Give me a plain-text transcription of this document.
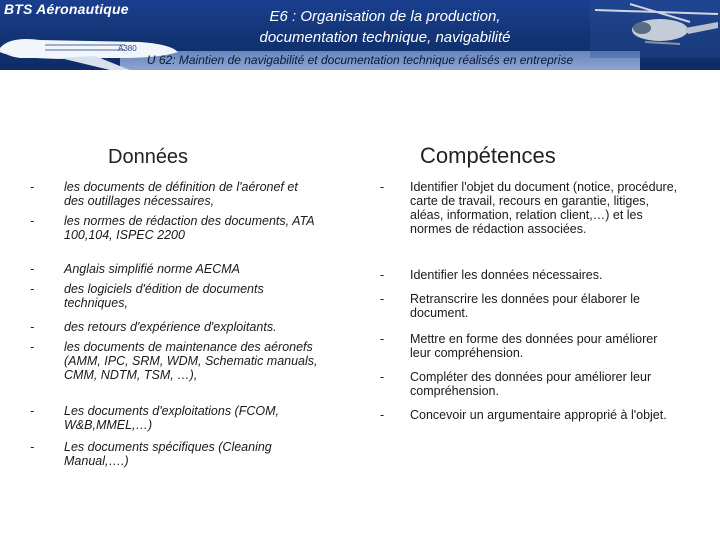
A380
BTS Aéronautique	E6 : Organisation de la production,
documentation technique, navigabilité
U 62: Maintien de navigabilité et documentation technique réalisés en entreprise
Données	Compétences
- les documents de définition de l'aéronef et des outillages nécessaires,
- les normes de rédaction des documents, ATA 100,104, ISPEC 2200
- Anglais simplifié norme AECMA
- des logiciels d'édition de documents techniques,
- des retours d'expérience d'exploitants.
- les documents de maintenance des aéronefs (AMM, IPC, SRM, WDM, Schematic manuals, CMM, NDTM, TSM, …),
- Les documents d'exploitations (FCOM, W&B,MMEL,…)
- Les documents spécifiques (Cleaning Manual,….)
- Identifier l'objet du document (notice, procédure, carte de travail, recours en garantie, litiges, aléas, information, relation client,…) et les normes de rédaction associées.
- Identifier les données nécessaires.
- Retranscrire les données pour élaborer le document.
- Mettre en forme des données pour améliorer leur compréhension.
- Compléter des données pour améliorer leur compréhension.
- Concevoir un argumentaire approprié à l'objet.
